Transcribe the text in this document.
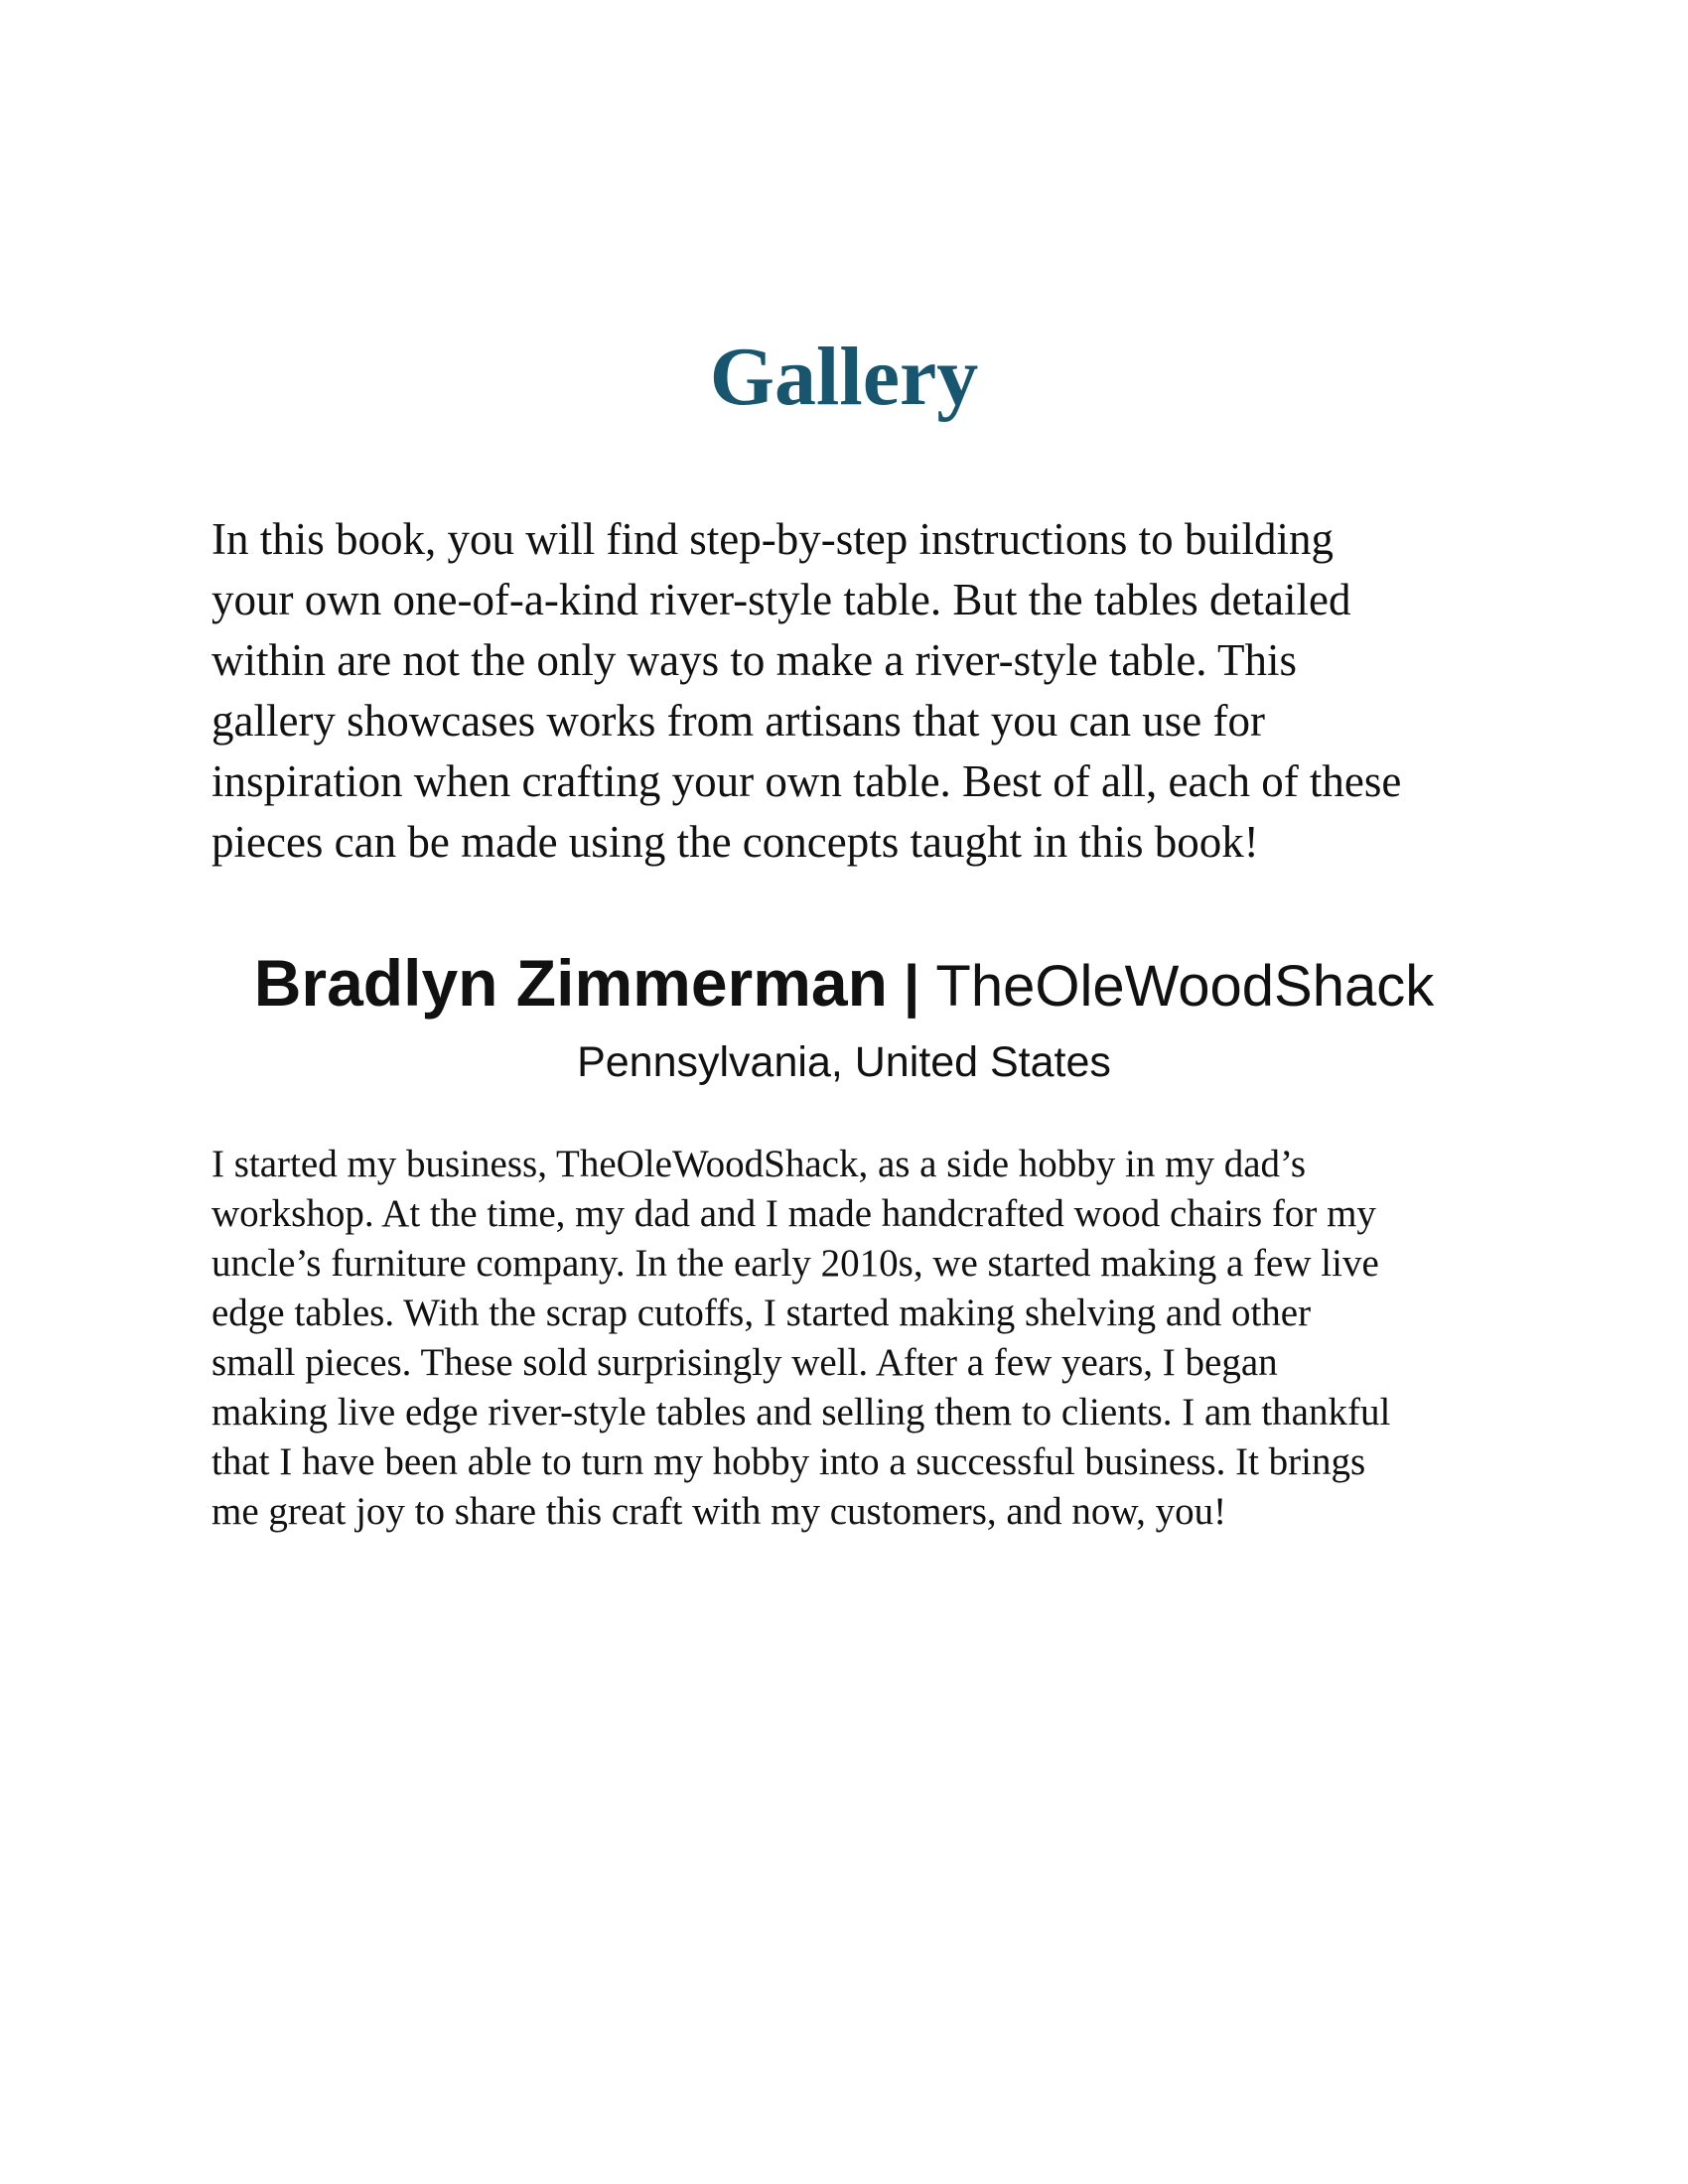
Gallery

In this book, you will find step-by-step instructions to building
your own one-of-a-kind river-style table. But the tables detailed
within are not the only ways to make a river-style table. This
gallery showcases works from artisans that you can use for
inspiration when crafting your own table. Best of all, each of these
pieces can be made using the concepts taught in this book!

Bradlyn Zimmerman | TheOleWoodShack

Pennsylvania, United States

I started my business, TheOleWoodShack, as a side hobby in my dad’s
workshop. At the time, my dad and I made handcrafted wood chairs for my
uncle’s furniture company. In the early 2010s, we started making a few live
edge tables. With the scrap cutoffs, I started making shelving and other
small pieces. These sold surprisingly well. After a few years, I began
making live edge river-style tables and selling them to clients. I am thankful
that I have been able to turn my hobby into a successful business. It brings
me great joy to share this craft with my customers, and now, you!
